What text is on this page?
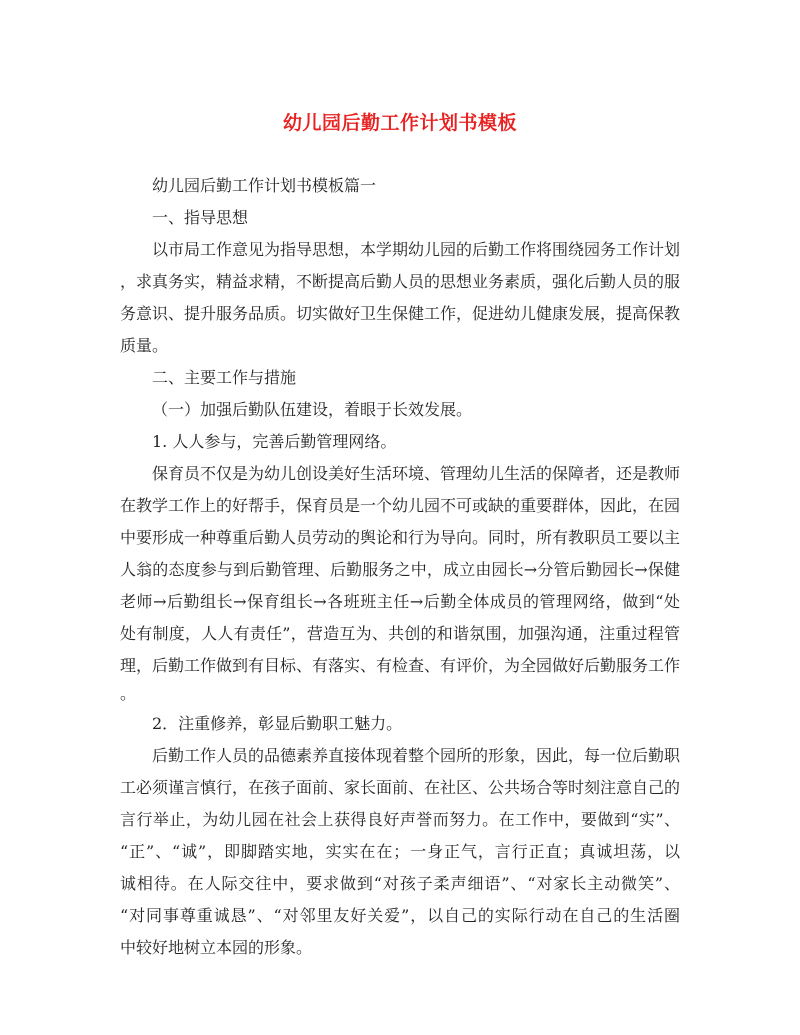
幼儿园后勤工作计划书模板
幼儿园后勤工作计划书模板篇一
一、指导思想
以市局工作意见为指导思想，本学期幼儿园的后勤工作将围绕园务工作计划
，求真务实，精益求精，不断提高后勤人员的思想业务素质，强化后勤人员的服
务意识、提升服务品质。切实做好卫生保健工作，促进幼儿健康发展，提高保教
质量。
二、主要工作与措施
（一）加强后勤队伍建设，着眼于长效发展。
1. 人人参与，完善后勤管理网络。
保育员不仅是为幼儿创设美好生活环境、管理幼儿生活的保障者，还是教师
在教学工作上的好帮手，保育员是一个幼儿园不可或缺的重要群体，因此，在园
中要形成一种尊重后勤人员劳动的舆论和行为导向。同时，所有教职员工要以主
人翁的态度参与到后勤管理、后勤服务之中，成立由园长→分管后勤园长→保健
老师→后勤组长→保育组长→各班班主任→后勤全体成员的管理网络，做到“处
处有制度，人人有责任”，营造互为、共创的和谐氛围，加强沟通，注重过程管
理，后勤工作做到有目标、有落实、有检查、有评价，为全园做好后勤服务工作
。
2．注重修养，彰显后勤职工魅力。
后勤工作人员的品德素养直接体现着整个园所的形象，因此，每一位后勤职
工必须谨言慎行，在孩子面前、家长面前、在社区、公共场合等时刻注意自己的
言行举止，为幼儿园在社会上获得良好声誉而努力。在工作中，要做到“实”、
“正”、“诚”，即脚踏实地，实实在在；一身正气，言行正直；真诚坦荡，以
诚相待。在人际交往中，要求做到“对孩子柔声细语”、“对家长主动微笑”、
“对同事尊重诚恳”、“对邻里友好关爱”，以自己的实际行动在自己的生活圈
中较好地树立本园的形象。
